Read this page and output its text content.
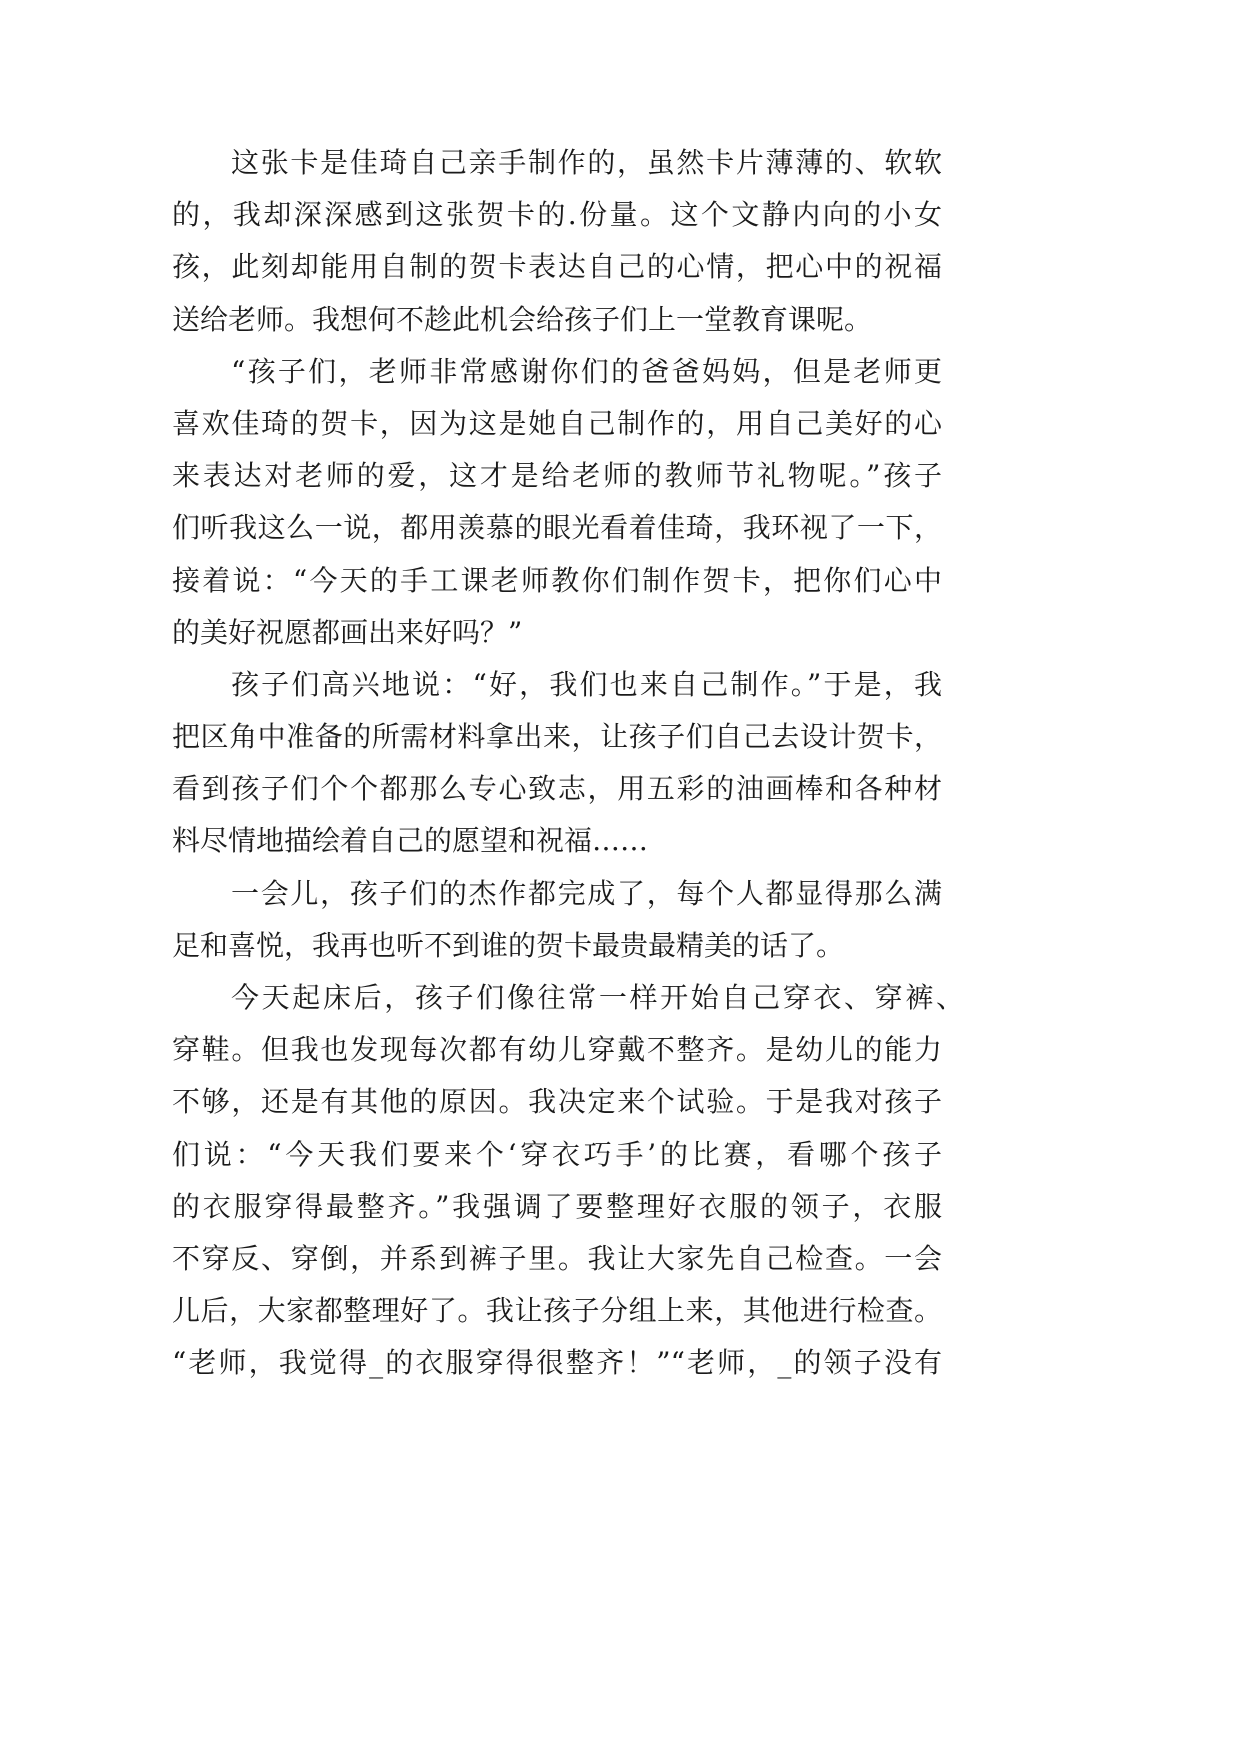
这张卡是佳琦自己亲手制作的，虽然卡片薄薄的、软软
的，我却深深感到这张贺卡的.份量。这个文静内向的小女
孩，此刻却能用自制的贺卡表达自己的心情，把心中的祝福
送给老师。我想何不趁此机会给孩子们上一堂教育课呢。
“孩子们，老师非常感谢你们的爸爸妈妈，但是老师更
喜欢佳琦的贺卡，因为这是她自己制作的，用自己美好的心
来表达对老师的爱，这才是给老师的教师节礼物呢。”孩子
们听我这么一说，都用羡慕的眼光看着佳琦，我环视了一下，
接着说：“今天的手工课老师教你们制作贺卡，把你们心中
的美好祝愿都画出来好吗？”
孩子们高兴地说：“好，我们也来自己制作。”于是，我
把区角中准备的所需材料拿出来，让孩子们自己去设计贺卡，
看到孩子们个个都那么专心致志，用五彩的油画棒和各种材
料尽情地描绘着自己的愿望和祝福……
一会儿，孩子们的杰作都完成了，每个人都显得那么满
足和喜悦，我再也听不到谁的贺卡最贵最精美的话了。
今天起床后，孩子们像往常一样开始自己穿衣、穿裤、
穿鞋。但我也发现每次都有幼儿穿戴不整齐。是幼儿的能力
不够，还是有其他的原因。我决定来个试验。于是我对孩子
们说：“今天我们要来个‘穿衣巧手’的比赛，看哪个孩子
的衣服穿得最整齐。”我强调了要整理好衣服的领子，衣服
不穿反、穿倒，并系到裤子里。我让大家先自己检查。一会
儿后，大家都整理好了。我让孩子分组上来，其他进行检查。
“老师，我觉得_的衣服穿得很整齐！”“老师，_的领子没有
